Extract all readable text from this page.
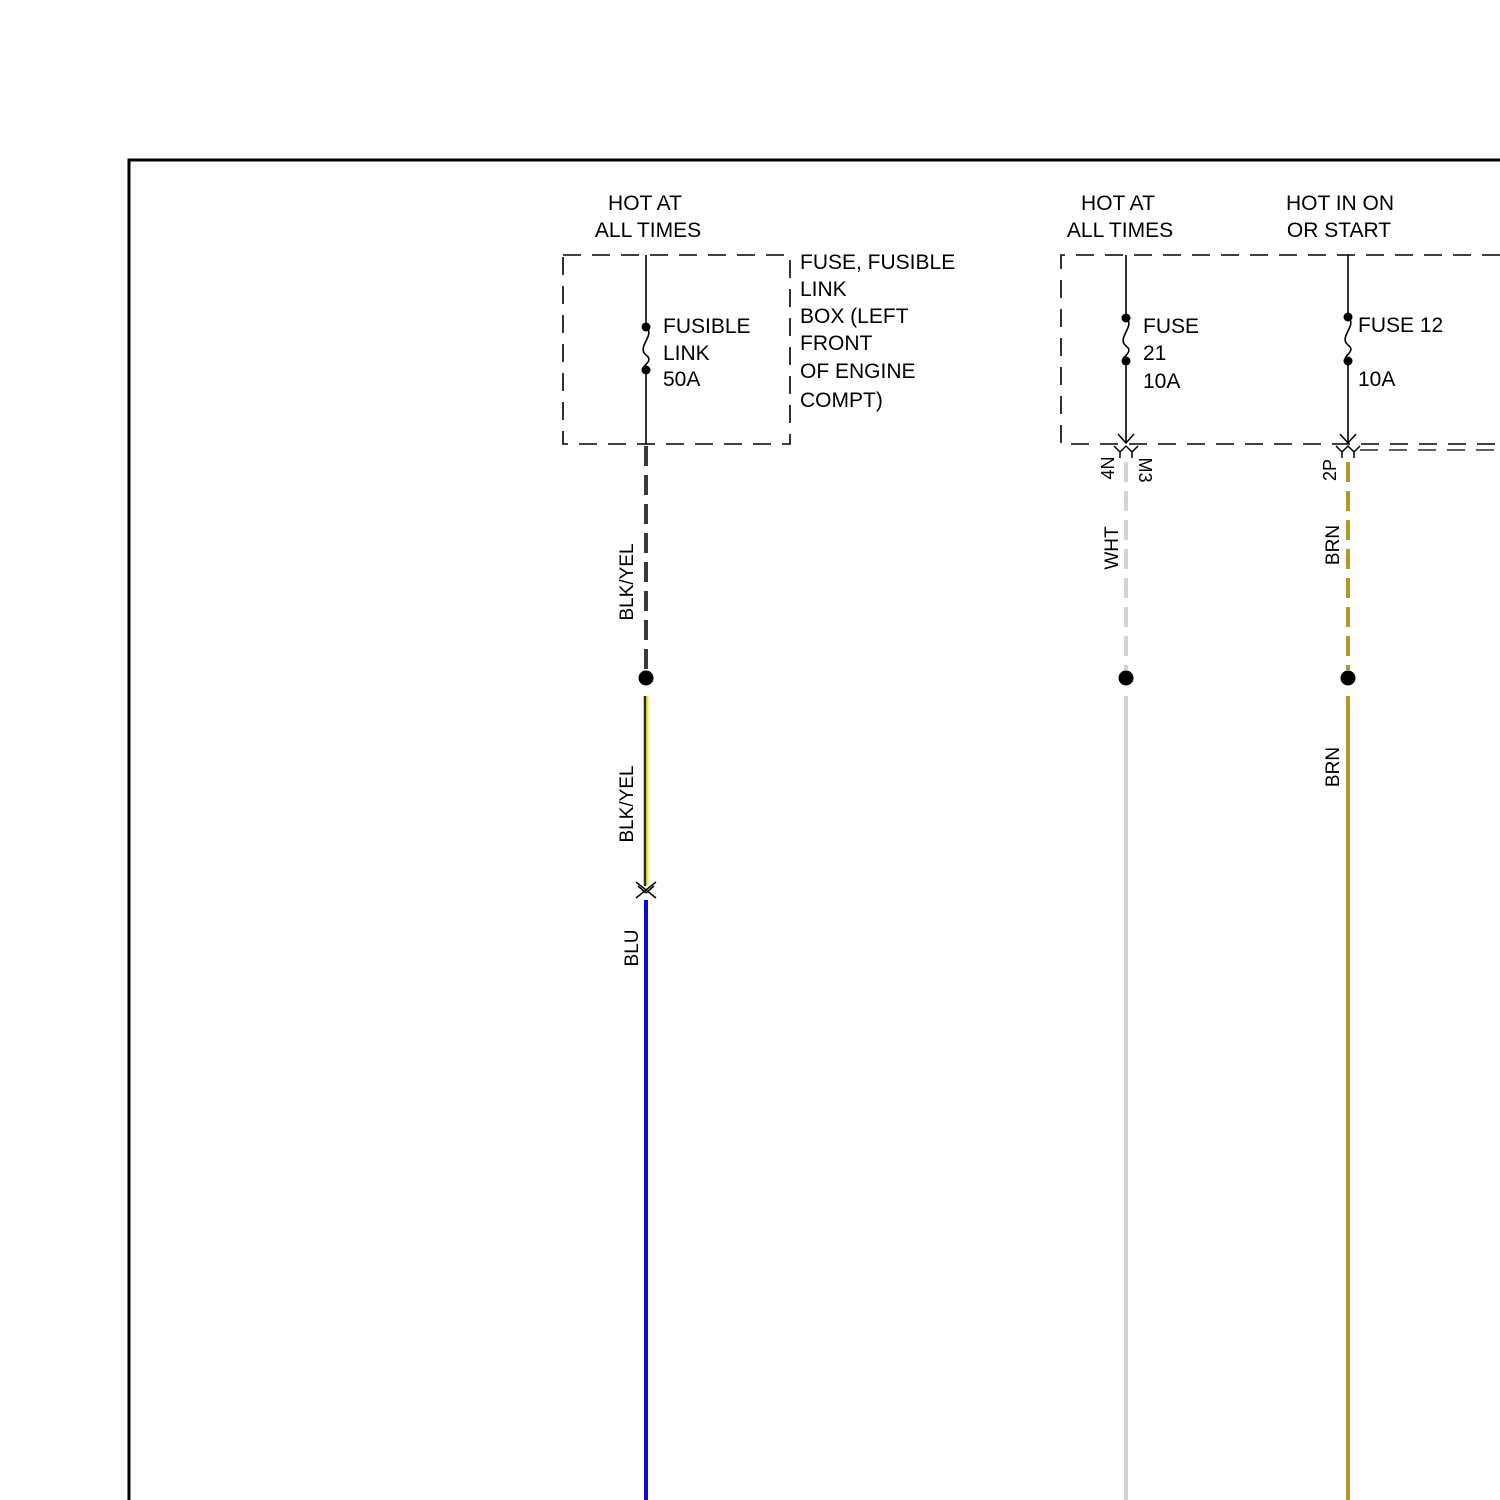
HOT AT
ALL TIMES
FUSIBLE
LINK
50A
FUSE, FUSIBLE
LINK
BOX (LEFT
FRONT
OF ENGINE
COMPT)
BLK/YEL
BLK/YEL
BLU
HOT AT
ALL TIMES
FUSE
21
10A
4N M3
WHT
HOT IN ON
OR START
FUSE 12
10A
2P
BRN
BRN
